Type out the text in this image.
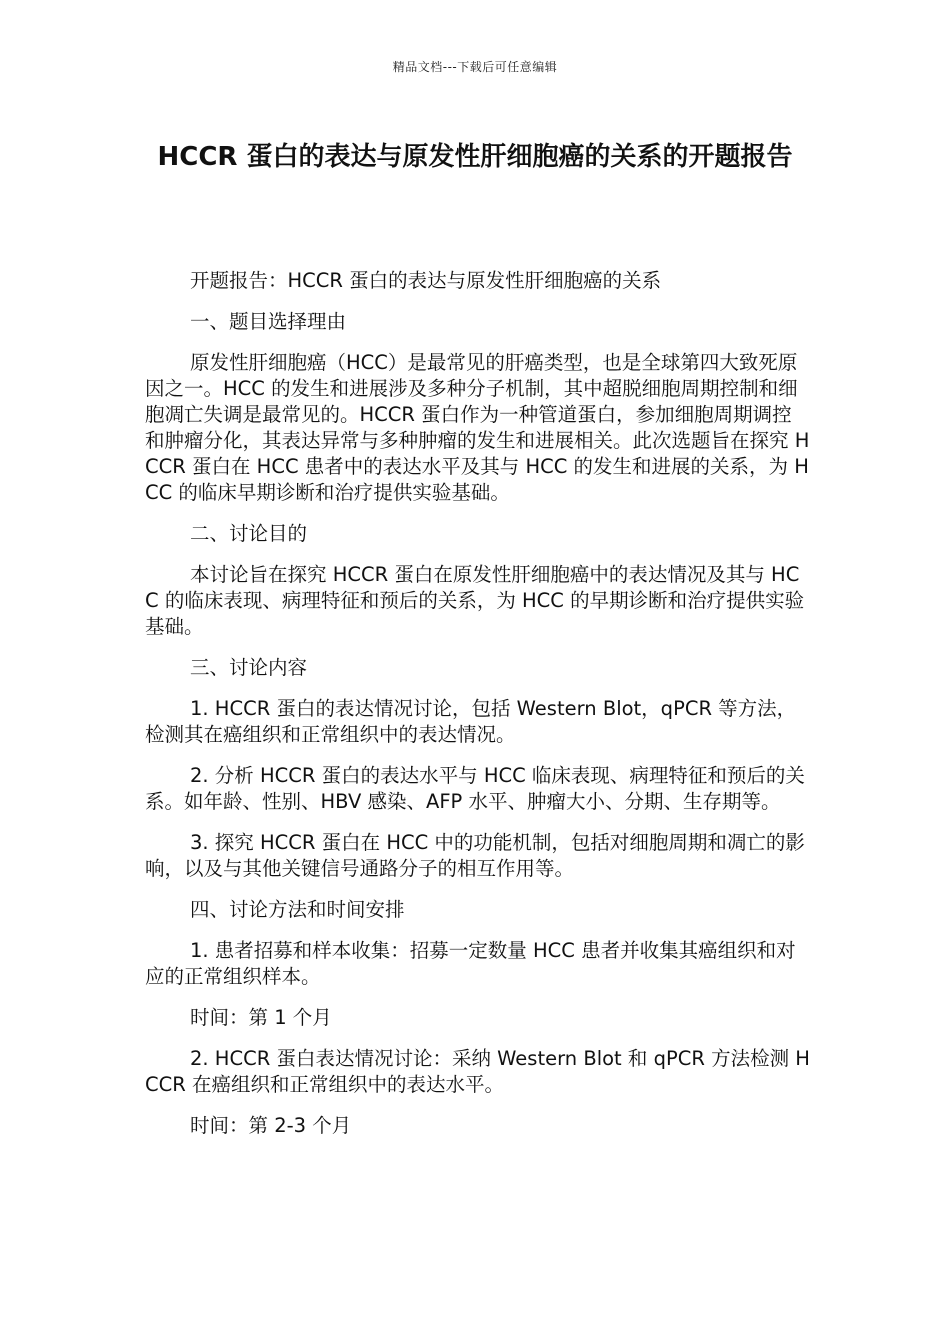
精品文档---下载后可任意编辑
HCCR 蛋白的表达与原发性肝细胞癌的关系的开题报告

开题报告：HCCR 蛋白的表达与原发性肝细胞癌的关系

一、题目选择理由

原发性肝细胞癌（HCC）是最常见的肝癌类型，也是全球第四大致死原因之一。HCC 的发生和进展涉及多种分子机制，其中超脱细胞周期控制和细胞凋亡失调是最常见的。HCCR 蛋白作为一种管道蛋白，参加细胞周期调控和肿瘤分化，其表达异常与多种肿瘤的发生和进展相关。此次选题旨在探究 HCCR 蛋白在 HCC 患者中的表达水平及其与 HCC 的发生和进展的关系，为 HCC 的临床早期诊断和治疗提供实验基础。

二、讨论目的

本讨论旨在探究 HCCR 蛋白在原发性肝细胞癌中的表达情况及其与 HCC 的临床表现、病理特征和预后的关系，为 HCC 的早期诊断和治疗提供实验基础。

三、讨论内容

1. HCCR 蛋白的表达情况讨论，包括 Western Blot，qPCR 等方法，检测其在癌组织和正常组织中的表达情况。

2. 分析 HCCR 蛋白的表达水平与 HCC 临床表现、病理特征和预后的关系。如年龄、性别、HBV 感染、AFP 水平、肿瘤大小、分期、生存期等。

3. 探究 HCCR 蛋白在 HCC 中的功能机制，包括对细胞周期和凋亡的影响，以及与其他关键信号通路分子的相互作用等。

四、讨论方法和时间安排

1. 患者招募和样本收集：招募一定数量 HCC 患者并收集其癌组织和对应的正常组织样本。

时间：第 1 个月

2. HCCR 蛋白表达情况讨论：采纳 Western Blot 和 qPCR 方法检测 HCCR 在癌组织和正常组织中的表达水平。

时间：第 2-3 个月
